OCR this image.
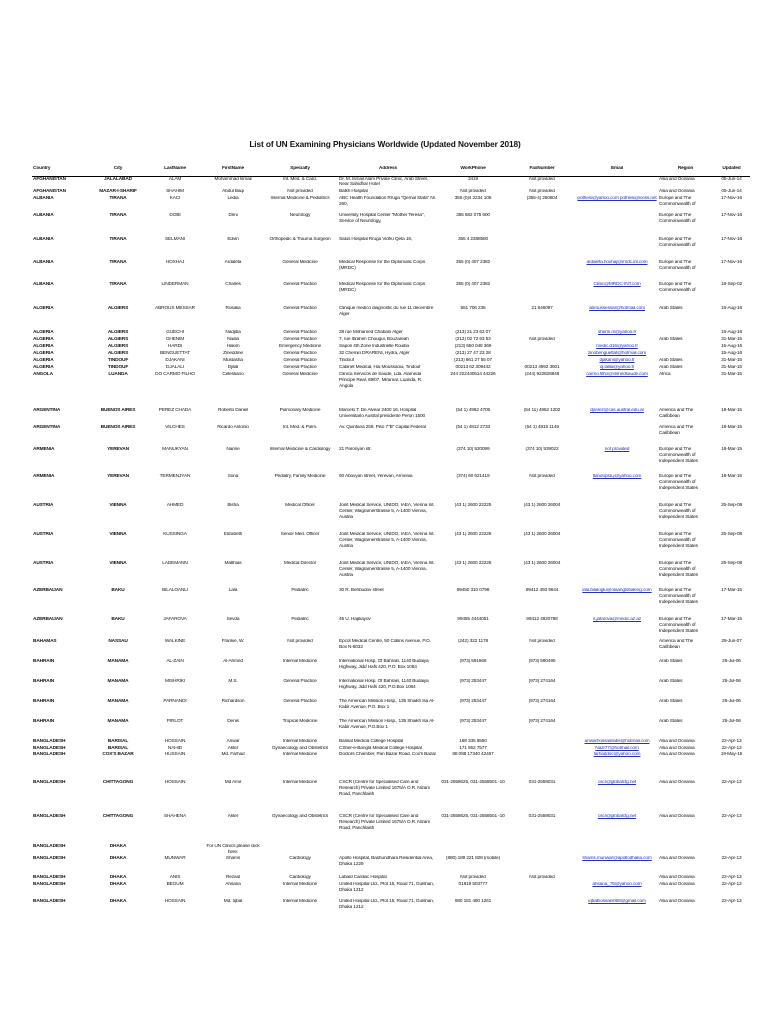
List of UN Examining Physicians Worldwide (Updated November 2018)
Country	City	LastName	FirstName	Specialty	Address	WorkPhone	FaxNumber	Email	Region	Updated
AFGHANISTAN	JALALABAD	ALAM	Mohammad Ismail	Int. Med. & Card.	Dr. M. Ismail Alam Private Clinic, Arab Street, Near Sahidhar Hotel	3419	Not provided		Asia and Oceania	05-Jun-14
AFGHANISTAN	MAZAR-I-SHARIF	SHAHIM	Abdul Baqi	Not provided	Balkh Hospital	Not provided	Not provided		Asia and Oceania	05-Jun-14
ALBANIA	TIRANA	KACI	Ledia	Internal Medicine & Pediatrics	ABC Health Foundation Rruga "Qemal Stafa" Nr. 260,	355 (0)4 2234 105	(355-4) 250604	pothesi@yahoo.com pothesi@icess.net	Europe and The Commonwealth of	17-Nov-16
ALBANIA	TIRANA	DOBI	Drini	Neurology	University Hospital Center "Mother Teresa", Service of Neurology,	355 682 075 600			Europe and The Commonwealth of	17-Nov-16
ALBANIA	TIRANA	SELMANI	Edvin	Orthopedic & Trauma Surgeon	Salus Hospital Rruga Vidhu Qeta 16,	355 4 2388580			Europe and The Commonwealth of	17-Nov-16
ALBANIA	TIRANA	HOXHAJ	Ardaleta	General Medicine	Medical Response for the Diplomatic Corps (MRDC)	355 (0) 407 2382		ardaleta.hoxhaj@mrdc.int.com	Europe and The Commonwealth of	17-Nov-16
ALBANIA	TIRANA	LINDERMAN	Charles	General Practice	Medical Response for the Diplomatic Corps (MRDC)	355 (0) 407 2382		Clinic@MRDC-INT.com	Europe and The Commonwealth of	18-Sep-02
ALGERIA	ALGIERS	ABROUS MESSAR	Rosalia	General Practice	Clinique medico diagnostic du rue 11 decembre Alger	551 706 235	21 846097	abroussessar@hotmail.com	Arab States	15-Aug-16
ALGERIA	ALGIERS	GUECHI	Nadjiba	General Practice	28 rue Mohamed Chabani Alger	(213) 21 23 63 07		sherin.m@yahoo.fr		15-Aug-16
ALGERIA	ALGIERS	GHENIM	Nadia	General Practice	7, rue Ibrahim Chougui, Bouzareah	(213) 02 72 63 53	Not provided		Arab States	31-Mar-15
ALGERIA	ALGIERS	HARDI	Hakim	Emergency Medicine	Sapori 4th Zone Industrielle Rouiba	(213) 650 048 369		medic.d16@yahoo.fr		15-Aug-16
ALGERIA	ALGIERS	BENGUETTAT	Zineddine	General Practice	32 Chemin DRARENI, Hydra, Alger	(213) 27 47 23 28		zinobenguettat@hotmail.com		15-Aug-16
ALGERIA	TINDOUF	DJAKANI	Mustasha	General Practice	Tindouf	(213) 661 27 55 07		djakani@yahoo.fr	Arab States	31-Mar-15
ALGERIA	TINDOUF	DJALALI	Djilali	General Practice	Cabinet Medical, Hai Moussaoui, Tindouf	00213 62 309442	00213 4992 3601	dj.lalila@yahoo.fr	Arab States	31-Mar-15
ANGOLA	LUANDA	DO CARMO FILHO	Celestiano	General Medicine	Clinica Servicos de Saude, Lda. Alameda Principe Real, 69/07, Miramar, Luanda, R. Angola	244 222440514 44226	(244) 922828848	carmo.filho@climedsaude.com	Africa	31-Mar-15
ARGENTINA	BUENOS AIRES	PEREZ CHADA	Roberto Daniel	Pulmonary Medicine	Marcelo T. De Alvear 2400 16, Hospital Universitario Austral presidente Peron 1500	(54 1) 4962 4705	(54 11) 4962 1202	dperez@cas.austral.edu.ar	America and The Caribbean	18-Mar-15
ARGENTINA	BUENOS AIRES	VILCHES	Ricardo Antonio	Int. Med. & Pulm.	Av. Quintana 259, Piso 7"B" Capital Federal	(54 1) 4812 2733	(54 1) 4815 1149		America and The Caribbean	18-Mar-15
ARMENIA	YEREVAN	MANUKYAN	Narine	Internal Medicine & Cardiology	21 Paronyan str.	(374 10) 520099	(374 10) 539022	not provided	Europe and The Commonwealth of Independent States	18-Mar-15
ARMENIA	YEREVAN	TERMENJYAN	Sona	Pediatry, Family Medicine	60 Abovyan street, Yerevan, Armenia	(374) 60 621419	Not provided	tlandopsa.j@yahoo.com	Europe and The Commonwealth of Independent States	18-Mar-15
AUSTRIA	VIENNA	AHMED	Bisha	Medical Officer	Joint Medical Service, UNIDO, IAEA, Vienna Int. Center, Wagramerstrasse 5, A-1400 Vienna, Austria	(43 1) 2600 22225	(43 1) 2600 26004		Europe and The Commonwealth of Independent States	25-Sep-08
AUSTRIA	VIENNA	KUSSINGA	Elizabeth	Senior Med. Officer	Joint Medical Service, UNIDO, IAEA, Vienna Int. Center, Wagramerstrasse 5, A-1400 Vienna, Austria	(43 1) 2600 22225	(43 1) 2600 26004		Europe and The Commonwealth of Independent States	25-Sep-08
AUSTRIA	VIENNA	LADEMANN	Matthias	Medical Director	Joint Medical Service, UNIDO, IAEA, Vienna Int. Center, Wagramerstrasse 5, A-1400 Vienna, Austria	(43 1) 2600 22225	(43 1) 2600 26004		Europe and The Commonwealth of Independent States	25-Sep-08
AZERBAIJAN	BAKU	BILALOANLI	Lala	Pediatric	30 R. Behbudov street	99450 310 0798	99412 493 9644	lala.bilaloglu@olaanglobaleng.com	Europe and The Commonwealth of Independent States	17-Mar-15
AZERBAIJAN	BAKU	JAFAROVA	Sevda	Pediatric	45 U. Hajibayov	99455 4444051	99412 4920788	s.jafarova@medic.az.az	Europe and The Commonwealth of Independent States	17-Mar-15
BAHAMAS	NASSAU	WALKINE	Frankie, W.	Not provided	Epcot Medical Centre, 50 Collins Avenue, P.O. Box N-8032	(242) 322 1178	Not provided		America and The Caribbean	29-Jun-07
BAHRAIN	MANAMA	AL-ZAIN	Al-Ahmed	Internal Medicine	International Hosp. Of Bahrain, 1140 Budaiya Highway, Jidd Hafs 420, P.O. Box 1084	(973) 591666	(973) 590495		Arab States	25-Jul-06
BAHRAIN	MANAMA	MISHRIKI	M.S.	General Practice	International Hosp. Of Bahrain, 1140 Budaiya Highway, Jidd Hafs 420, P.O.Box 1084	(973) 253447	(973) 274164		Arab States	25-Jul-06
BAHRAIN	MANAMA	PARNANDI	Richardson	General Practice	The American Mission Hosp., 135 Shaikh Isa Al-Kabir Avenue, P.O. Box 1	(973) 253447	(973) 274164		Arab States	25-Jul-06
BAHRAIN	MANAMA	PIRLOT	Denis	Tropical Medicine	The American Mission Hosp., 135 Shaikh Isa Al-Kabir Avenue, P.O.Box 1	(973) 253447	(973) 274164		Arab States	25-Jul-06
BANGLADESH	BARISAL	HOSSAIN	Anwar	Internal Medicine	Barisal Medical College Hospital	188 335 6550		anwarhossainlabs@hotmail.com	Asia and Oceania	22-Apr-13
BANGLADESH	BARISAL	NAHID	Akter	Gynaecology and Obstetrics	CSher-e-Bangla Medical College Hospital	171 652 7577		Nazr77@hotmail.com	Asia and Oceania	22-Apr-13
BANGLADESH	COX'S BAZAR	HUSSAIN	Md. Farhad	Internal Medicine	Doctors Chamber, Pan Bazar Road, Cox's Bazar	88 088 17340 42467		farhaddoc@yahoo.com	Asia and Oceania	19-May-15
BANGLADESH	CHITTAGONG	HOSSAIN	Md Amir	Internal Medicine	CSCR (Centre for Specialised Care and Research) Private Limited 1675/A O.R. Nizam Road, Panchlaish	031-2558625, 031-2558501 -10	031-2559031	cscr@globalctg.net	Asia and Oceania	22-Apr-13
BANGLADESH	CHITTAGONG	SHAHENA	Akter	Gynaecology and Obstetrics	CSCR (Centre for Specialised Care and Research) Private Limited 1675/A O.R. Nizam Road, Panchlaish	031-2558625, 031-2558501 -10	031-2559031	cscr@globalctg.net	Asia and Oceania	22-Apr-13
BANGLADESH	DHAKA		For UN Clinics please click here:							
BANGLADESH	DHAKA	MUNWAR	Shams	Cardiology	Apollo Hospital, Bashundhara Residential Area, Dhaka 1229	(880) 189 221 828 (mobile)		shams.munwar@apollodhaka.com	Asia and Oceania	22-Apr-13
BANGLADESH	DHAKA	ANIS	Rezaul	Cardiology	Labaid Cardiac Hospital	Not provided	Not provided		Asia and Oceania	22-Apr-13
BANGLADESH	DHAKA	BEGUM	Ahsana	Internal Medicine	United Hospital Ltd., Plot 15, Road 71, Gulshan, Dhaka 1212	01819 503777		ahsana_75@yahoo.com	Asia and Oceania	22-Apr-13
BANGLADESH	DHAKA	HOSSAIN	Md. Iqbal	Internal Medicine	United Hospital Ltd., Plot 15, Road 71, Gulshan, Dhaka 1212	880 181 480 1261		iqbalhossain058@gmail.com	Asia and Oceania	22-Apr-13
